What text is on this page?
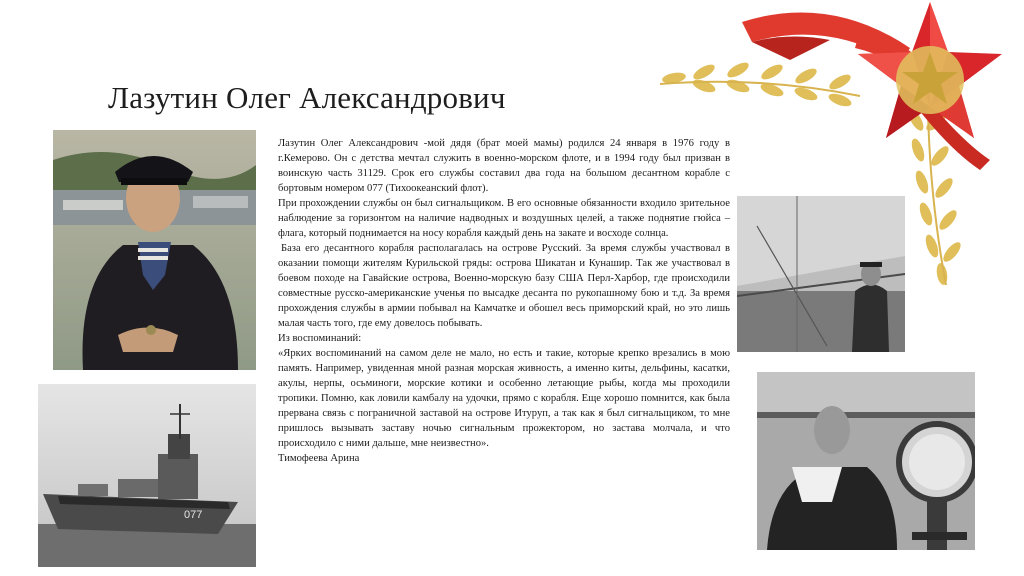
Лазутин Олег Александрович

Лазутин Олег Александрович -мой дядя (брат моей мамы) родился 24 января в 1976 году в г.Кемерово. Он с детства мечтал служить в военно-морском флоте, и в 1994 году был призван в воинскую часть 31129. Срок его службы составил два года на большом десантном корабле с бортовым номером 077 (Тихоокеанский флот).

При прохождении службы он был сигнальщиком. В его основные обязанности входило зрительное наблюдение за горизонтом на наличие надводных и воздушных целей, а также поднятие гюйса – флага, который поднимается на носу корабля каждый день на закате и восходе солнца.

База его десантного корабля располагалась на острове Русский. За время службы участвовал в оказании помощи жителям Курильской гряды: острова Шикатан и Кунашир. Так же участвовал в боевом походе на Гавайские острова, Военно-морскую базу США Перл-Харбор, где происходили совместные русско-американские ученья по высадке десанта по рукопашному бою и т.д. За время прохождения службы в армии побывал на Камчатке и обошел весь приморский край, но это лишь малая часть того, где ему довелось побывать.

Из воспоминаний:

«Ярких воспоминаний на самом деле не мало, но есть и такие, которые крепко врезались в мою память. Например, увиденная мной разная морская живность, а именно киты, дельфины, касатки, акулы, нерпы, осьминоги, морские котики и особенно летающие рыбы, когда мы проходили тропики. Помню, как ловили камбалу на удочки, прямо с корабля. Еще хорошо помнится, как была прервана связь с пограничной заставой на острове Итуруп, а так как я был сигнальщиком, то мне пришлось вызывать заставу ночью сигнальным прожектором, но застава молчала, и что происходило с ними дальше, мне неизвестно».

Тимофеева Арина

077
